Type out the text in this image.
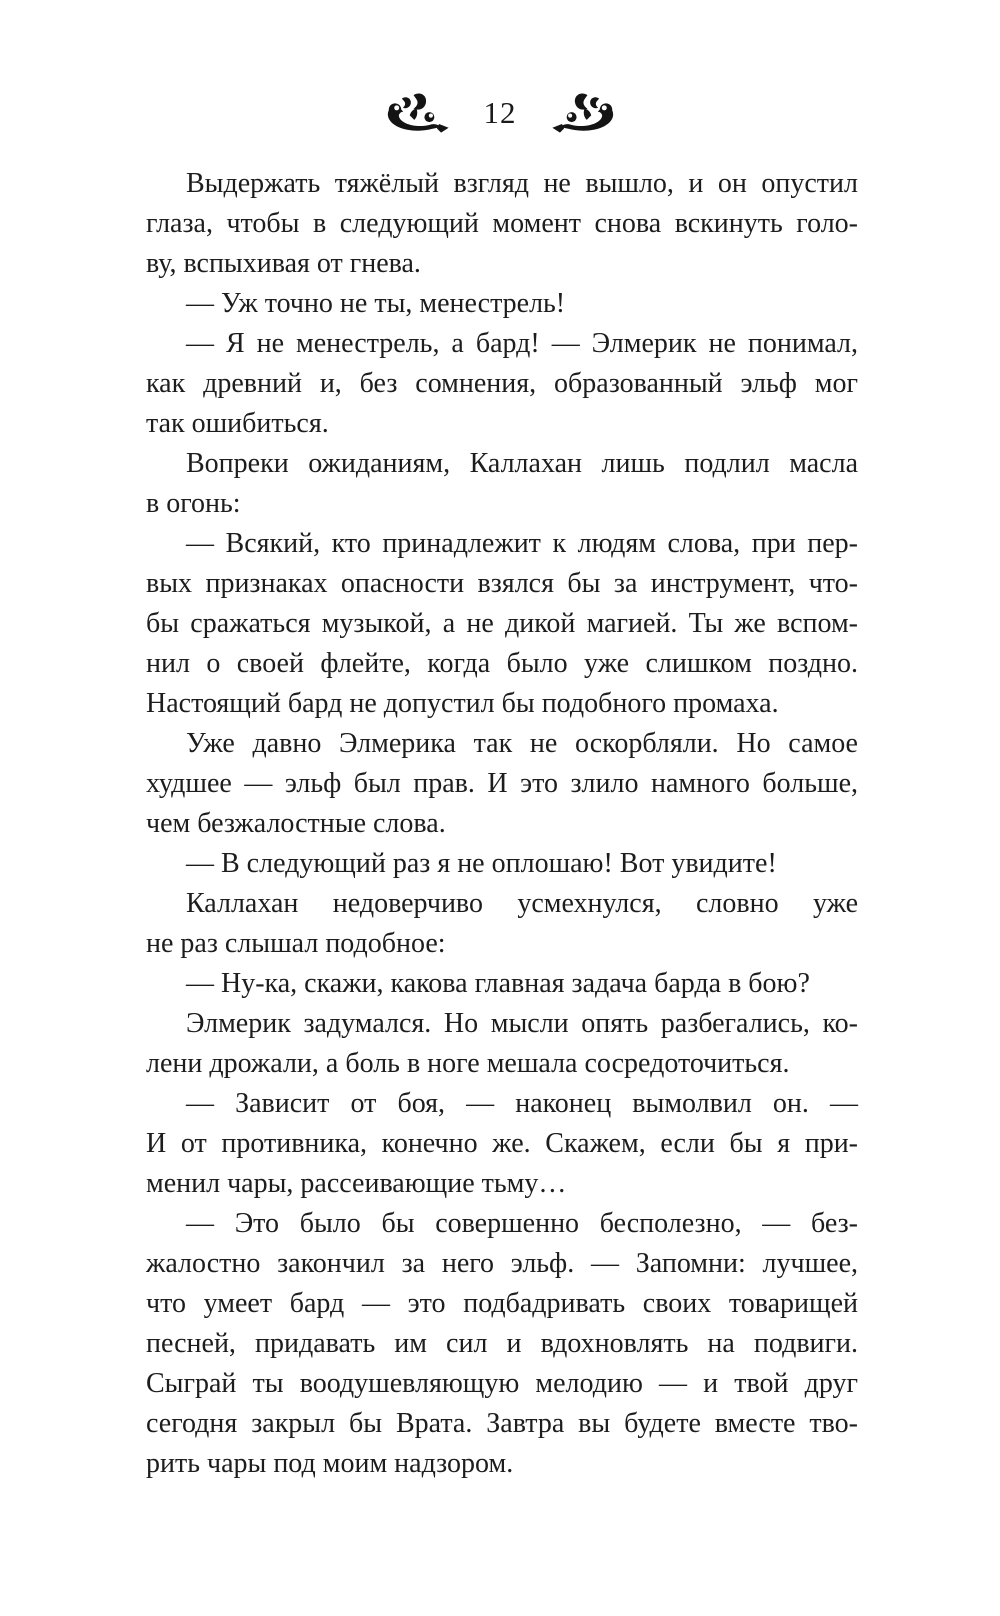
12
Выдержать тяжёлый взгляд не вышло, и он опустил
глаза, чтобы в следующий момент снова вскинуть голо-
ву, вспыхивая от гнева.
— Уж точно не ты, менестрель!
— Я не менестрель, а бард! — Элмерик не понимал,
как древний и, без сомнения, образованный эльф мог
так ошибиться.
Вопреки ожиданиям, Каллахан лишь подлил масла
в огонь:
— Всякий, кто принадлежит к людям слова, при пер-
вых признаках опасности взялся бы за инструмент, что-
бы сражаться музыкой, а не дикой магией. Ты же вспом-
нил о своей флейте, когда было уже слишком поздно.
Настоящий бард не допустил бы подобного промаха.
Уже давно Элмерика так не оскорбляли. Но самое
худшее — эльф был прав. И это злило намного больше,
чем безжалостные слова.
— В следующий раз я не оплошаю! Вот увидите!
Каллахан недоверчиво усмехнулся, словно уже
не раз слышал подобное:
— Ну-ка, скажи, какова главная задача барда в бою?
Элмерик задумался. Но мысли опять разбегались, ко-
лени дрожали, а боль в ноге мешала сосредоточиться.
— Зависит от боя, — наконец вымолвил он. —
И от противника, конечно же. Скажем, если бы я при-
менил чары, рассеивающие тьму…
— Это было бы совершенно бесполезно, — без-
жалостно закончил за него эльф. — Запомни: лучшее,
что умеет бард — это подбадривать своих товарищей
песней, придавать им сил и вдохновлять на подвиги.
Сыграй ты воодушевляющую мелодию — и твой друг
сегодня закрыл бы Врата. Завтра вы будете вместе тво-
рить чары под моим надзором.
